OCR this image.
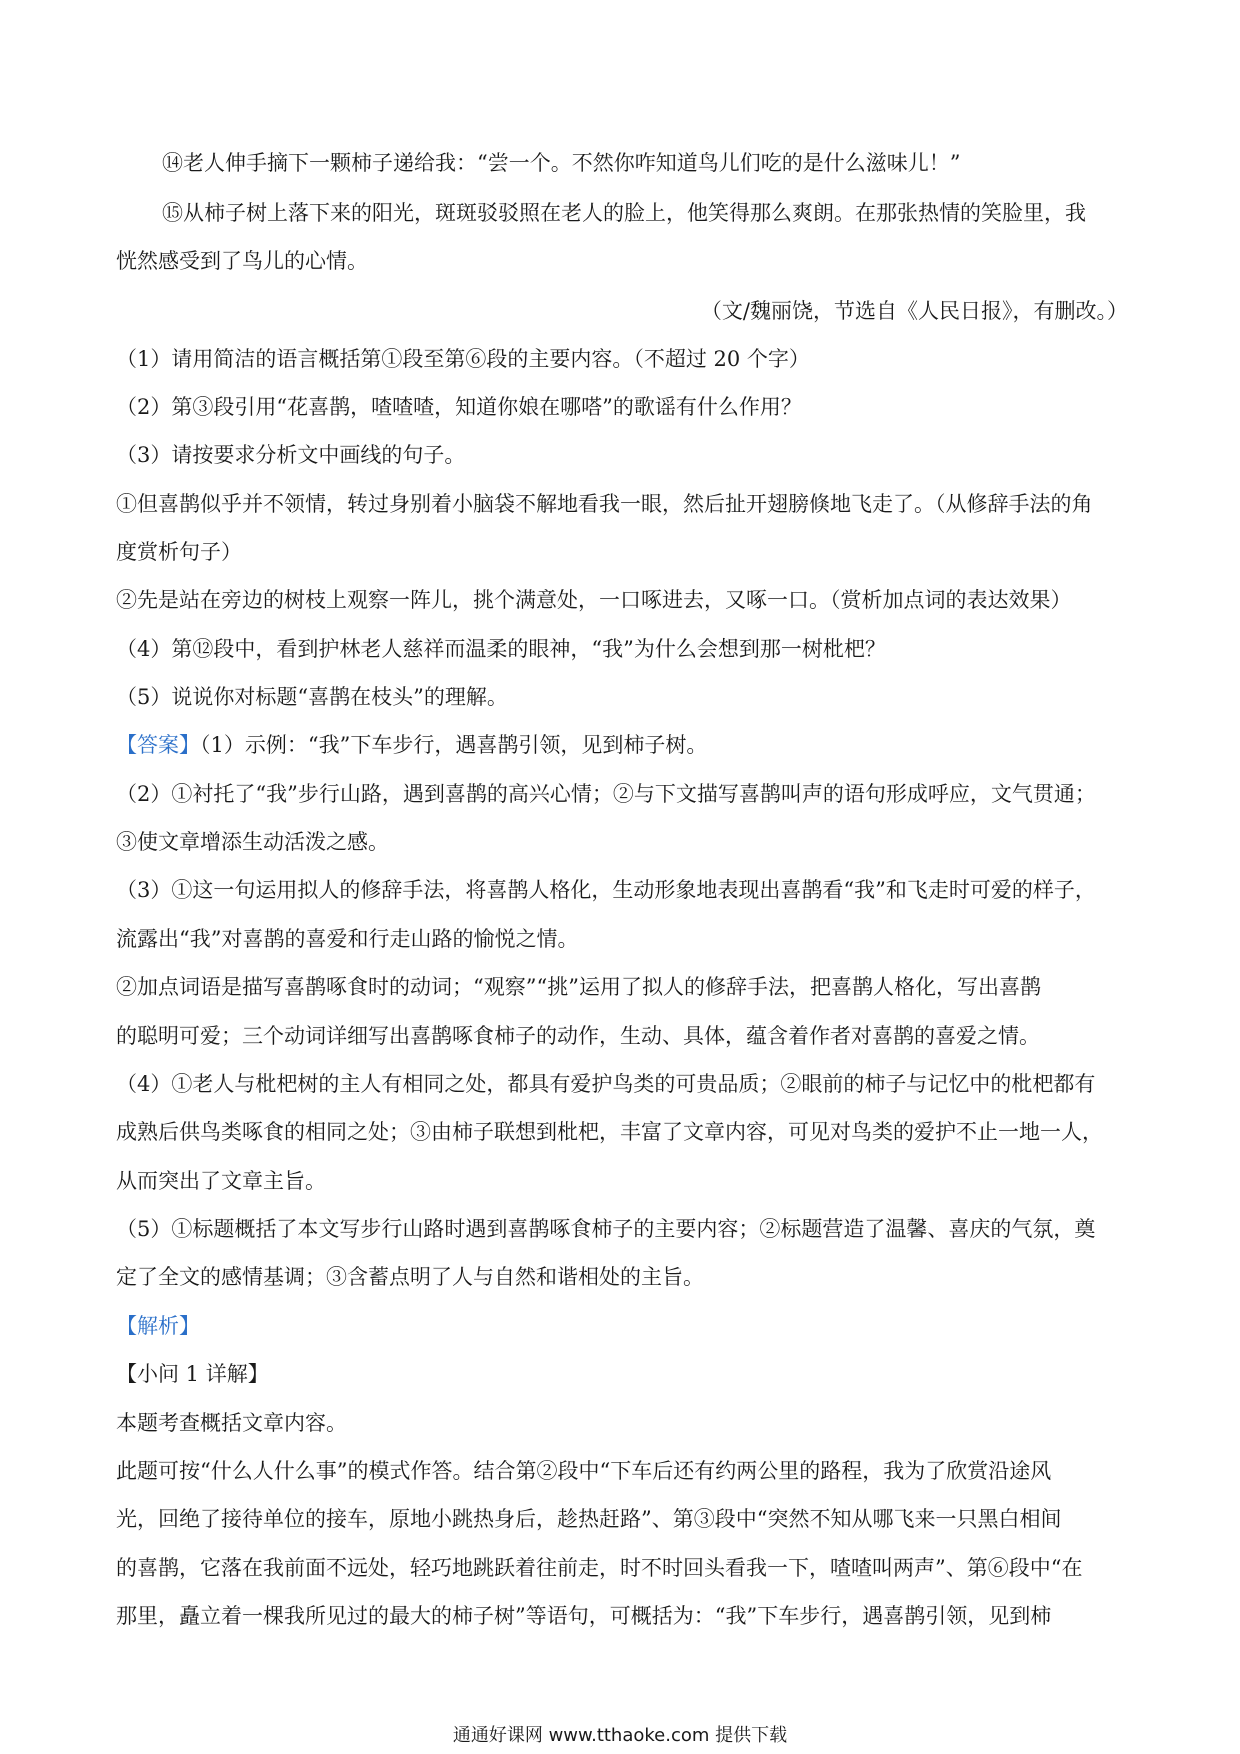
⑭老人伸手摘下一颗柿子递给我：“尝一个。不然你咋知道鸟儿们吃的是什么滋味儿！”

⑮从柿子树上落下来的阳光，斑斑驳驳照在老人的脸上，他笑得那么爽朗。在那张热情的笑脸里，我

恍然感受到了鸟儿的心情。

（文/魏丽饶，节选自《人民日报》，有删改。）

（1）请用简洁的语言概括第①段至第⑥段的主要内容。（不超过 20 个字）

（2）第③段引用“花喜鹊，喳喳喳，知道你娘在哪嗒”的歌谣有什么作用？

（3）请按要求分析文中画线的句子。

①但喜鹊似乎并不领情，转过身别着小脑袋不解地看我一眼，然后扯开翅膀倏地飞走了。（从修辞手法的角

度赏析句子）

②先是站在旁边的树枝上观察一阵儿，挑个满意处，一口啄进去，又啄一口。（赏析加点词的表达效果）

（4）第⑫段中，看到护林老人慈祥而温柔的眼神，“我”为什么会想到那一树枇杷？

（5）说说你对标题“喜鹊在枝头”的理解。

【答案】（1）示例：“我”下车步行，遇喜鹊引领，见到柿子树。

（2）①衬托了“我”步行山路，遇到喜鹊的高兴心情；②与下文描写喜鹊叫声的语句形成呼应，文气贯通；

③使文章增添生动活泼之感。

（3）①这一句运用拟人的修辞手法，将喜鹊人格化，生动形象地表现出喜鹊看“我”和飞走时可爱的样子，

流露出“我”对喜鹊的喜爱和行走山路的愉悦之情。

②加点词语是描写喜鹊啄食时的动词；“观察”“挑”运用了拟人的修辞手法，把喜鹊人格化，写出喜鹊

的聪明可爱；三个动词详细写出喜鹊啄食柿子的动作，生动、具体，蕴含着作者对喜鹊的喜爱之情。

（4）①老人与枇杷树的主人有相同之处，都具有爱护鸟类的可贵品质；②眼前的柿子与记忆中的枇杷都有

成熟后供鸟类啄食的相同之处；③由柿子联想到枇杷，丰富了文章内容，可见对鸟类的爱护不止一地一人，

从而突出了文章主旨。

（5）①标题概括了本文写步行山路时遇到喜鹊啄食柿子的主要内容；②标题营造了温馨、喜庆的气氛，奠

定了全文的感情基调；③含蓄点明了人与自然和谐相处的主旨。

【解析】

【小问 1 详解】

本题考查概括文章内容。

此题可按“什么人什么事”的模式作答。结合第②段中“下车后还有约两公里的路程，我为了欣赏沿途风

光，回绝了接待单位的接车，原地小跳热身后，趁热赶路”、第③段中“突然不知从哪飞来一只黑白相间

的喜鹊，它落在我前面不远处，轻巧地跳跃着往前走，时不时回头看我一下，喳喳叫两声”、第⑥段中“在

那里，矗立着一棵我所见过的最大的柿子树”等语句，可概括为：“我”下车步行，遇喜鹊引领，见到柿

通通好课网 www.tthaoke.com 提供下载
